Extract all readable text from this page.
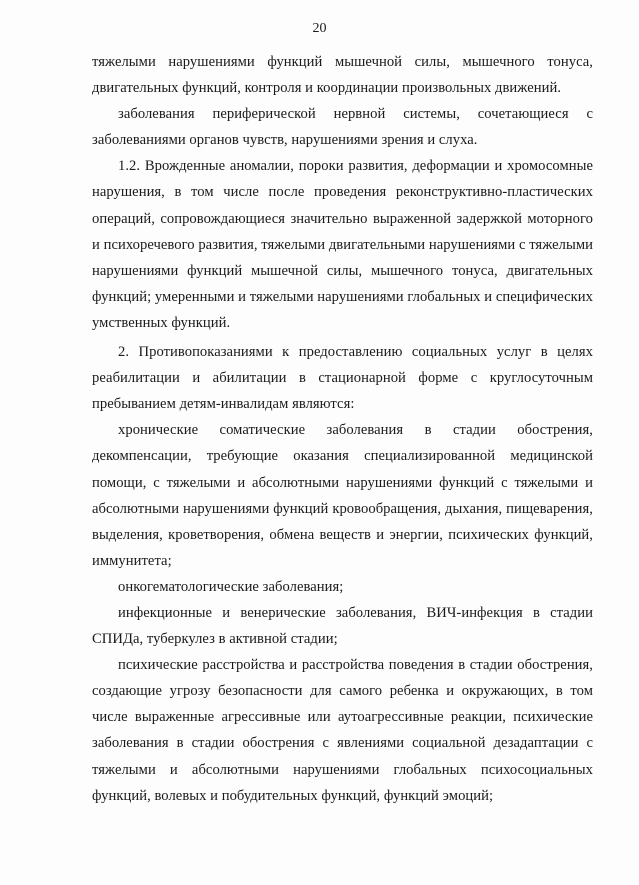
20

тяжелыми нарушениями функций мышечной силы, мышечного тонуса, двигательных функций, контроля и координации произвольных движений.

заболевания периферической нервной системы, сочетающиеся с заболеваниями органов чувств, нарушениями зрения и слуха.

1.2. Врожденные аномалии, пороки развития, деформации и хромосомные нарушения, в том числе после проведения реконструктивно-пластических операций, сопровождающиеся значительно выраженной задержкой моторного и психоречевого развития, тяжелыми двигательными нарушениями с тяжелыми нарушениями функций мышечной силы, мышечного тонуса, двигательных функций; умеренными и тяжелыми нарушениями глобальных и специфических умственных функций.

2. Противопоказаниями к предоставлению социальных услуг в целях реабилитации и абилитации в стационарной форме с круглосуточным пребыванием детям-инвалидам являются:

хронические соматические заболевания в стадии обострения, декомпенсации, требующие оказания специализированной медицинской помощи, с тяжелыми и абсолютными нарушениями функций с тяжелыми и абсолютными нарушениями функций кровообращения, дыхания, пищеварения, выделения, кроветворения, обмена веществ и энергии, психических функций, иммунитета;

онкогематологические заболевания;

инфекционные и венерические заболевания, ВИЧ-инфекция в стадии СПИДа, туберкулез в активной стадии;

психические расстройства и расстройства поведения в стадии обострения, создающие угрозу безопасности для самого ребенка и окружающих, в том числе выраженные агрессивные или аутоагрессивные реакции, психические заболевания в стадии обострения с явлениями социальной дезадаптации с тяжелыми и абсолютными нарушениями глобальных психосоциальных функций, волевых и побудительных функций, функций эмоций;
